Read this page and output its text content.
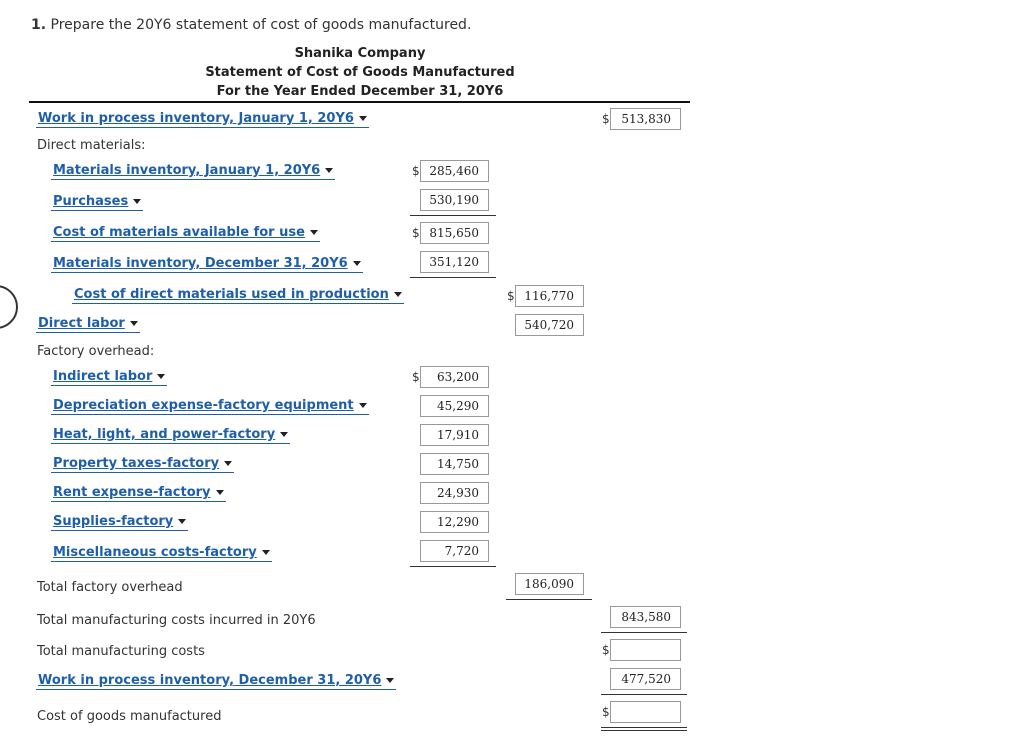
1. Prepare the 20Y6 statement of cost of goods manufactured.
Shanika Company
Statement of Cost of Goods Manufactured
For the Year Ended December 31, 20Y6
Work in process inventory, January 1, 20Y6	$ 513,830
Direct materials:
Materials inventory, January 1, 20Y6	$ 285,460
Purchases	530,190
Cost of materials available for use	$ 815,650
Materials inventory, December 31, 20Y6	351,120
Cost of direct materials used in production	$ 116,770
Direct labor	540,720
Factory overhead:
Indirect labor	$	63,200
Depreciation expense-factory equipment	45,290
Heat, light, and power-factory	17,910
Property taxes-factory	14,750
Rent expense-factory	24,930
Supplies-factory	12,290
Miscellaneous costs-factory	7,720
Total factory overhead	186,090
Total manufacturing costs incurred in 20Y6	843,580
Total manufacturing costs	$
Work in process inventory, December 31, 20Y6	477,520
Cost of goods manufactured	$
